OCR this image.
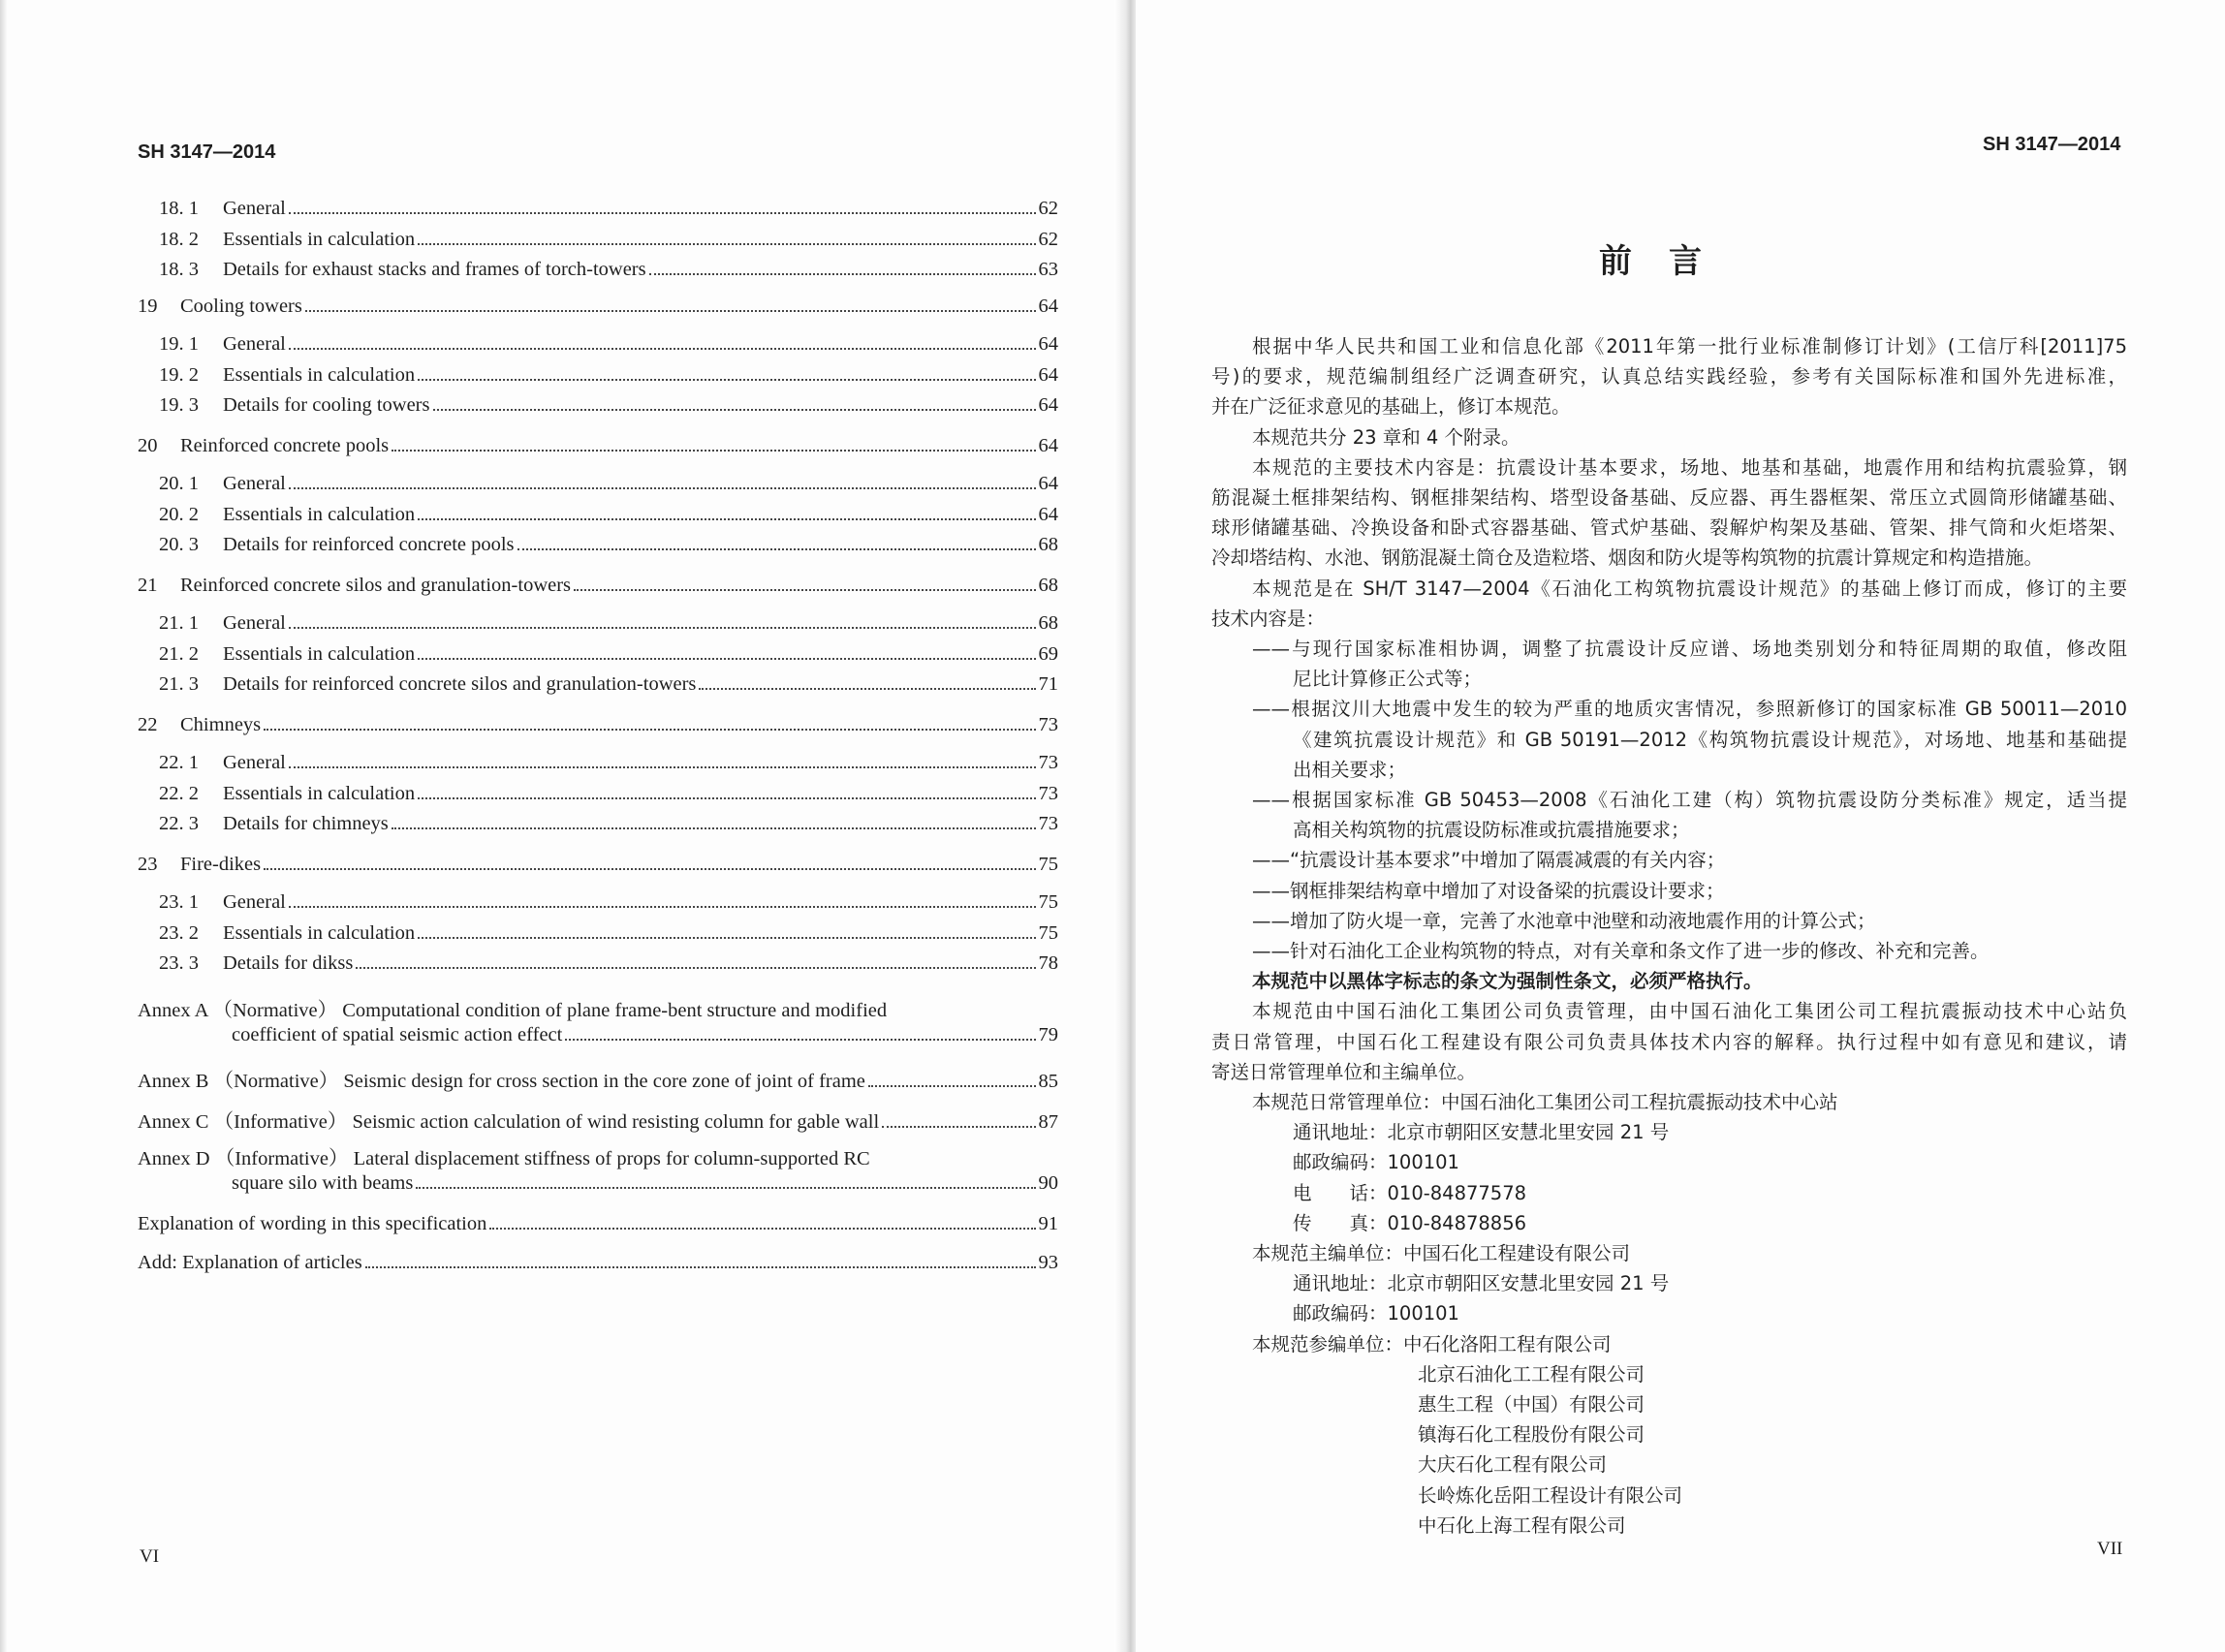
SH 3147—2014
18. 1	General	62
18. 2	Essentials in calculation	62
18. 3	Details for exhaust stacks and frames of torch-towers	63
19	Cooling towers	64
19. 1	General	64
19. 2	Essentials in calculation	64
19. 3	Details for cooling towers	64
20	Reinforced concrete pools	64
20. 1	General	64
20. 2	Essentials in calculation	64
20. 3	Details for reinforced concrete pools	68
21	Reinforced concrete silos and granulation-towers	68
21. 1	General	68
21. 2	Essentials in calculation	69
21. 3	Details for reinforced concrete silos and granulation-towers	71
22	Chimneys	73
22. 1	General	73
22. 2	Essentials in calculation	73
22. 3	Details for chimneys	73
23	Fire-dikes	75
23. 1	General	75
23. 2	Essentials in calculation	75
23. 3	Details for dikss	78
Annex A （Normative） Computational condition of plane frame-bent structure and modified
coefficient of spatial seismic action effect	79
Annex B （Normative） Seismic design for cross section in the core zone of joint of frame	85
Annex C （Informative） Seismic action calculation of wind resisting column for gable wall	87
Annex D （Informative） Lateral displacement stiffness of props for column-supported RC
square silo with beams	90
Explanation of wording in this specification	91
Add: Explanation of articles	93
VI
SH 3147—2014
VII
前言
根据中华人民共和国工业和信息化部《2011年第一批行业标准制修订计划》(工信厅科[2011]75
号)的要求，规范编制组经广泛调查研究，认真总结实践经验，参考有关国际标准和国外先进标准，
并在广泛征求意见的基础上，修订本规范。
本规范共分 23 章和 4 个附录。
本规范的主要技术内容是：抗震设计基本要求，场地、地基和基础，地震作用和结构抗震验算，钢
筋混凝土框排架结构、钢框排架结构、塔型设备基础、反应器、再生器框架、常压立式圆筒形储罐基础、
球形储罐基础、冷换设备和卧式容器基础、管式炉基础、裂解炉构架及基础、管架、排气筒和火炬塔架、
冷却塔结构、水池、钢筋混凝土筒仓及造粒塔、烟囱和防火堤等构筑物的抗震计算规定和构造措施。
本规范是在 SH/T 3147—2004《石油化工构筑物抗震设计规范》的基础上修订而成，修订的主要
技术内容是：
——与现行国家标准相协调，调整了抗震设计反应谱、场地类别划分和特征周期的取值，修改阻
尼比计算修正公式等；
——根据汶川大地震中发生的较为严重的地质灾害情况，参照新修订的国家标准 GB 50011—2010
《建筑抗震设计规范》和 GB 50191—2012《构筑物抗震设计规范》，对场地、地基和基础提
出相关要求；
——根据国家标准 GB 50453—2008《石油化工建（构）筑物抗震设防分类标准》规定，适当提
高相关构筑物的抗震设防标准或抗震措施要求；
——“抗震设计基本要求”中增加了隔震减震的有关内容；
——钢框排架结构章中增加了对设备梁的抗震设计要求；
——增加了防火堤一章，完善了水池章中池壁和动液地震作用的计算公式；
——针对石油化工企业构筑物的特点，对有关章和条文作了进一步的修改、补充和完善。
本规范中以黑体字标志的条文为强制性条文，必须严格执行。
本规范由中国石油化工集团公司负责管理，由中国石油化工集团公司工程抗震振动技术中心站负
责日常管理，中国石化工程建设有限公司负责具体技术内容的解释。执行过程中如有意见和建议，请
寄送日常管理单位和主编单位。
本规范日常管理单位：中国石油化工集团公司工程抗震振动技术中心站
通讯地址：北京市朝阳区安慧北里安园 21 号
邮政编码：100101
电　　话：010-84877578
传　　真：010-84878856
本规范主编单位：中国石化工程建设有限公司
通讯地址：北京市朝阳区安慧北里安园 21 号
邮政编码：100101
本规范参编单位：中石化洛阳工程有限公司
北京石油化工工程有限公司
惠生工程（中国）有限公司
镇海石化工程股份有限公司
大庆石化工程有限公司
长岭炼化岳阳工程设计有限公司
中石化上海工程有限公司
